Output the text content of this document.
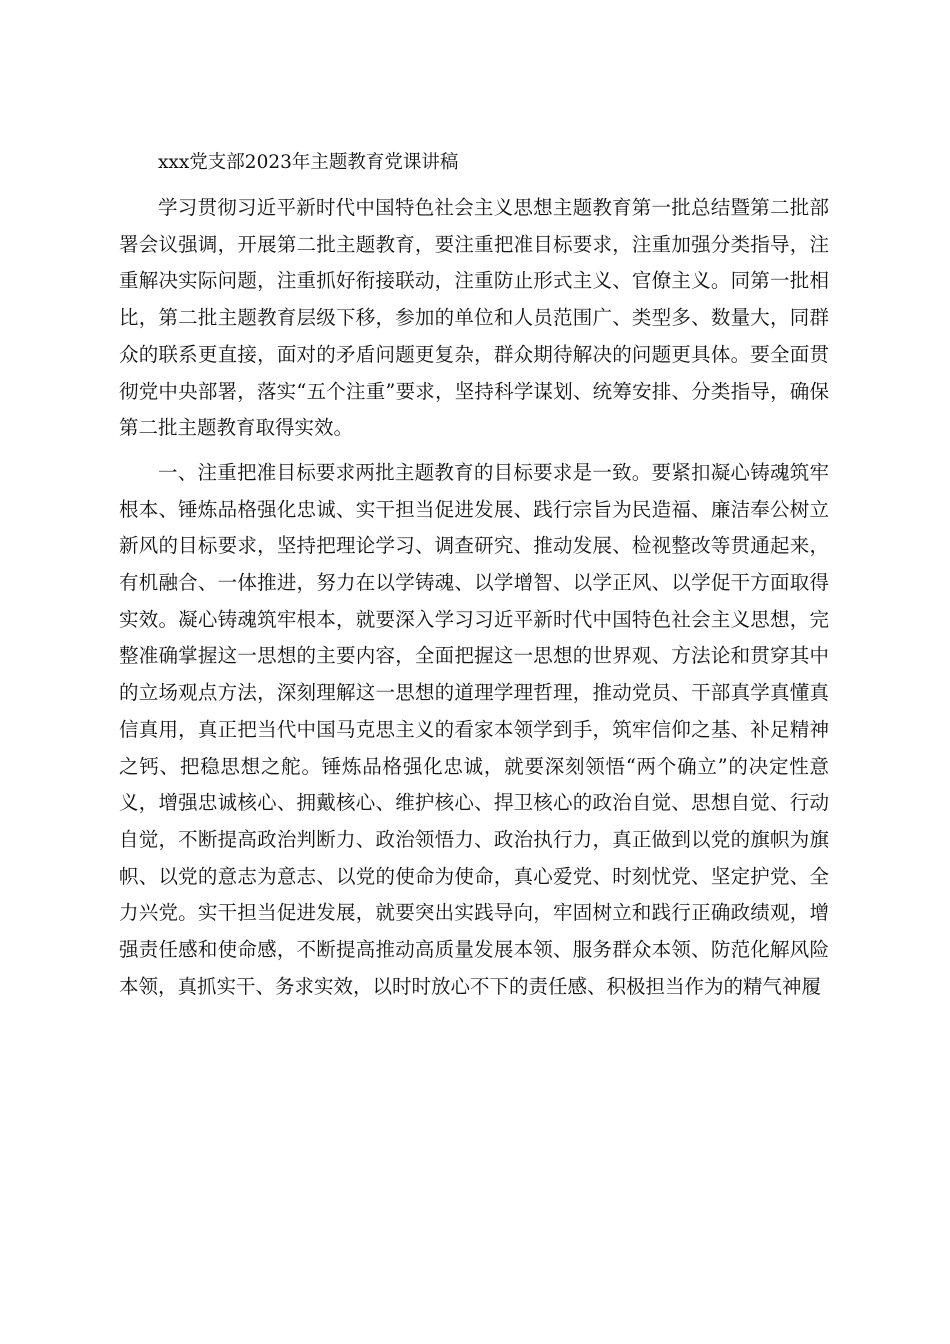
xxx党支部2023年主题教育党课讲稿

学习贯彻习近平新时代中国特色社会主义思想主题教育第一批总结暨第二批部署会议强调，开展第二批主题教育，要注重把准目标要求，注重加强分类指导，注重解决实际问题，注重抓好衔接联动，注重防止形式主义、官僚主义。同第一批相比，第二批主题教育层级下移，参加的单位和人员范围广、类型多、数量大，同群众的联系更直接，面对的矛盾问题更复杂，群众期待解决的问题更具体。要全面贯彻党中央部署，落实“五个注重”要求，坚持科学谋划、统筹安排、分类指导，确保第二批主题教育取得实效。

一、注重把准目标要求两批主题教育的目标要求是一致。要紧扣凝心铸魂筑牢根本、锤炼品格强化忠诚、实干担当促进发展、践行宗旨为民造福、廉洁奉公树立新风的目标要求，坚持把理论学习、调查研究、推动发展、检视整改等贯通起来，有机融合、一体推进，努力在以学铸魂、以学增智、以学正风、以学促干方面取得实效。凝心铸魂筑牢根本，就要深入学习习近平新时代中国特色社会主义思想，完整准确掌握这一思想的主要内容，全面把握这一思想的世界观、方法论和贯穿其中的立场观点方法，深刻理解这一思想的道理学理哲理，推动党员、干部真学真懂真信真用，真正把当代中国马克思主义的看家本领学到手，筑牢信仰之基、补足精神之钙、把稳思想之舵。锤炼品格强化忠诚，就要深刻领悟“两个确立”的决定性意义，增强忠诚核心、拥戴核心、维护核心、捍卫核心的政治自觉、思想自觉、行动自觉，不断提高政治判断力、政治领悟力、政治执行力，真正做到以党的旗帜为旗帜、以党的意志为意志、以党的使命为使命，真心爱党、时刻忧党、坚定护党、全力兴党。实干担当促进发展，就要突出实践导向，牢固树立和践行正确政绩观，增强责任感和使命感，不断提高推动高质量发展本领、服务群众本领、防范化解风险本领，真抓实干、务求实效，以时时放心不下的责任感、积极担当作为的精气神履
